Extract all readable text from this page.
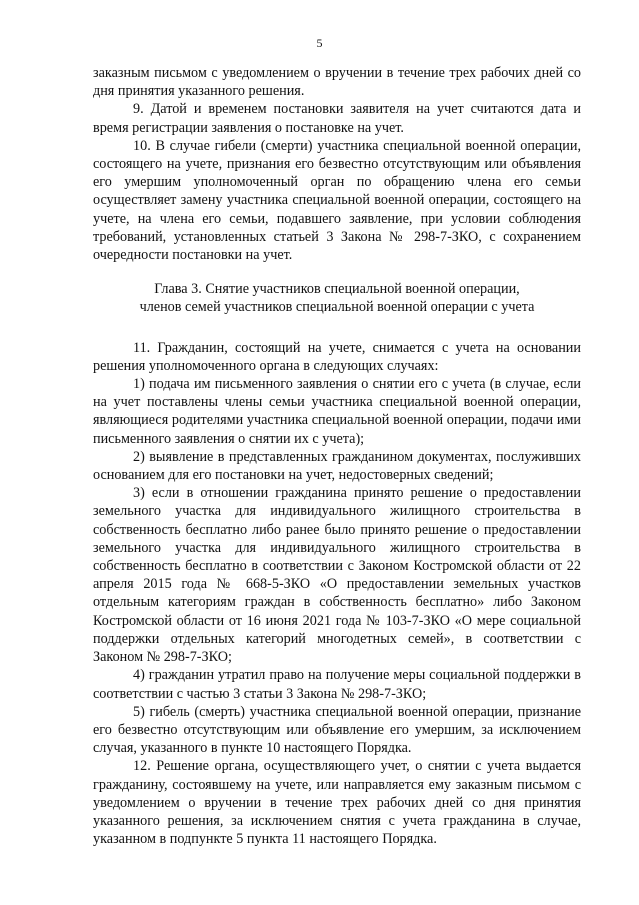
5

заказным письмом с уведомлением о вручении в течение трех рабочих дней со дня принятия указанного решения.

9. Датой и временем постановки заявителя на учет считаются дата и время регистрации заявления о постановке на учет.

10. В случае гибели (смерти) участника специальной военной операции, состоящего на учете, признания его безвестно отсутствующим или объявления его умершим уполномоченный орган по обращению члена его семьи осуществляет замену участника специальной военной операции, состоящего на учете, на члена его семьи, подавшего заявление, при условии соблюдения требований, установленных статьей 3 Закона № 298-7-ЗКО, с сохранением очередности постановки на учет.

Глава 3. Снятие участников специальной военной операции,
членов семей участников специальной военной операции с учета

11. Гражданин, состоящий на учете, снимается с учета на основании решения уполномоченного органа в следующих случаях:

1) подача им письменного заявления о снятии его с учета (в случае, если на учет поставлены члены семьи участника специальной военной операции, являющиеся родителями участника специальной военной операции, подачи ими письменного заявления о снятии их с учета);

2) выявление в представленных гражданином документах, послуживших основанием для его постановки на учет, недостоверных сведений;

3) если в отношении гражданина принято решение о предоставлении земельного участка для индивидуального жилищного строительства в собственность бесплатно либо ранее было принято решение о предоставлении земельного участка для индивидуального жилищного строительства в собственность бесплатно в соответствии с Законом Костромской области от 22 апреля 2015 года № 668-5-ЗКО «О предоставлении земельных участков отдельным категориям граждан в собственность бесплатно» либо Законом Костромской области от 16 июня 2021 года № 103-7-ЗКО «О мере социальной поддержки отдельных категорий многодетных семей», в соответствии с Законом № 298-7-ЗКО;

4) гражданин утратил право на получение меры социальной поддержки в соответствии с частью 3 статьи 3 Закона № 298-7-ЗКО;

5) гибель (смерть) участника специальной военной операции, признание его безвестно отсутствующим или объявление его умершим, за исключением случая, указанного в пункте 10 настоящего Порядка.

12. Решение органа, осуществляющего учет, о снятии с учета выдается гражданину, состоявшему на учете, или направляется ему заказным письмом с уведомлением о вручении в течение трех рабочих дней со дня принятия указанного решения, за исключением снятия с учета гражданина в случае, указанном в подпункте 5 пункта 11 настоящего Порядка.
